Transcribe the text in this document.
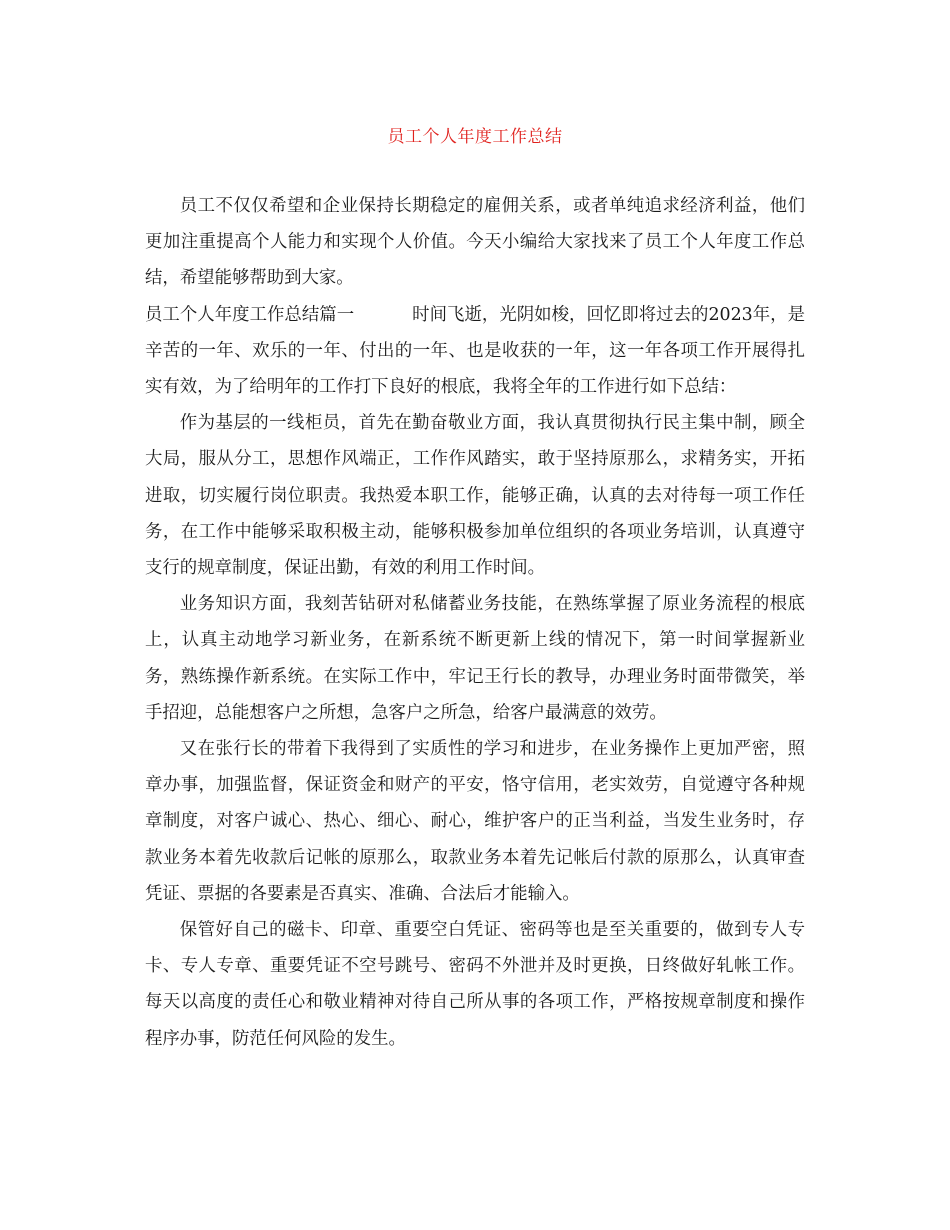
员工个人年度工作总结

员工不仅仅希望和企业保持长期稳定的雇佣关系，或者单纯追求经济利益，他们更加注重提高个人能力和实现个人价值。今天小编给大家找来了员工个人年度工作总结，希望能够帮助到大家。

员工个人年度工作总结篇一	时间飞逝，光阴如梭，回忆即将过去的2023年，是辛苦的一年、欢乐的一年、付出的一年、也是收获的一年，这一年各项工作开展得扎实有效，为了给明年的工作打下良好的根底，我将全年的工作进行如下总结：

作为基层的一线柜员，首先在勤奋敬业方面，我认真贯彻执行民主集中制，顾全大局，服从分工，思想作风端正，工作作风踏实，敢于坚持原那么，求精务实，开拓进取，切实履行岗位职责。我热爱本职工作，能够正确，认真的去对待每一项工作任务，在工作中能够采取积极主动，能够积极参加单位组织的各项业务培训，认真遵守支行的规章制度，保证出勤，有效的利用工作时间。

业务知识方面，我刻苦钻研对私储蓄业务技能，在熟练掌握了原业务流程的根底上，认真主动地学习新业务，在新系统不断更新上线的情况下，第一时间掌握新业务，熟练操作新系统。在实际工作中，牢记王行长的教导，办理业务时面带微笑，举手招迎，总能想客户之所想，急客户之所急，给客户最满意的效劳。

又在张行长的带着下我得到了实质性的学习和进步，在业务操作上更加严密，照章办事，加强监督，保证资金和财产的平安，恪守信用，老实效劳，自觉遵守各种规章制度，对客户诚心、热心、细心、耐心，维护客户的正当利益，当发生业务时，存款业务本着先收款后记帐的原那么，取款业务本着先记帐后付款的原那么，认真审查凭证、票据的各要素是否真实、准确、合法后才能输入。

保管好自己的磁卡、印章、重要空白凭证、密码等也是至关重要的，做到专人专卡、专人专章、重要凭证不空号跳号、密码不外泄并及时更换，日终做好轧帐工作。每天以高度的责任心和敬业精神对待自己所从事的各项工作，严格按规章制度和操作程序办事，防范任何风险的发生。
